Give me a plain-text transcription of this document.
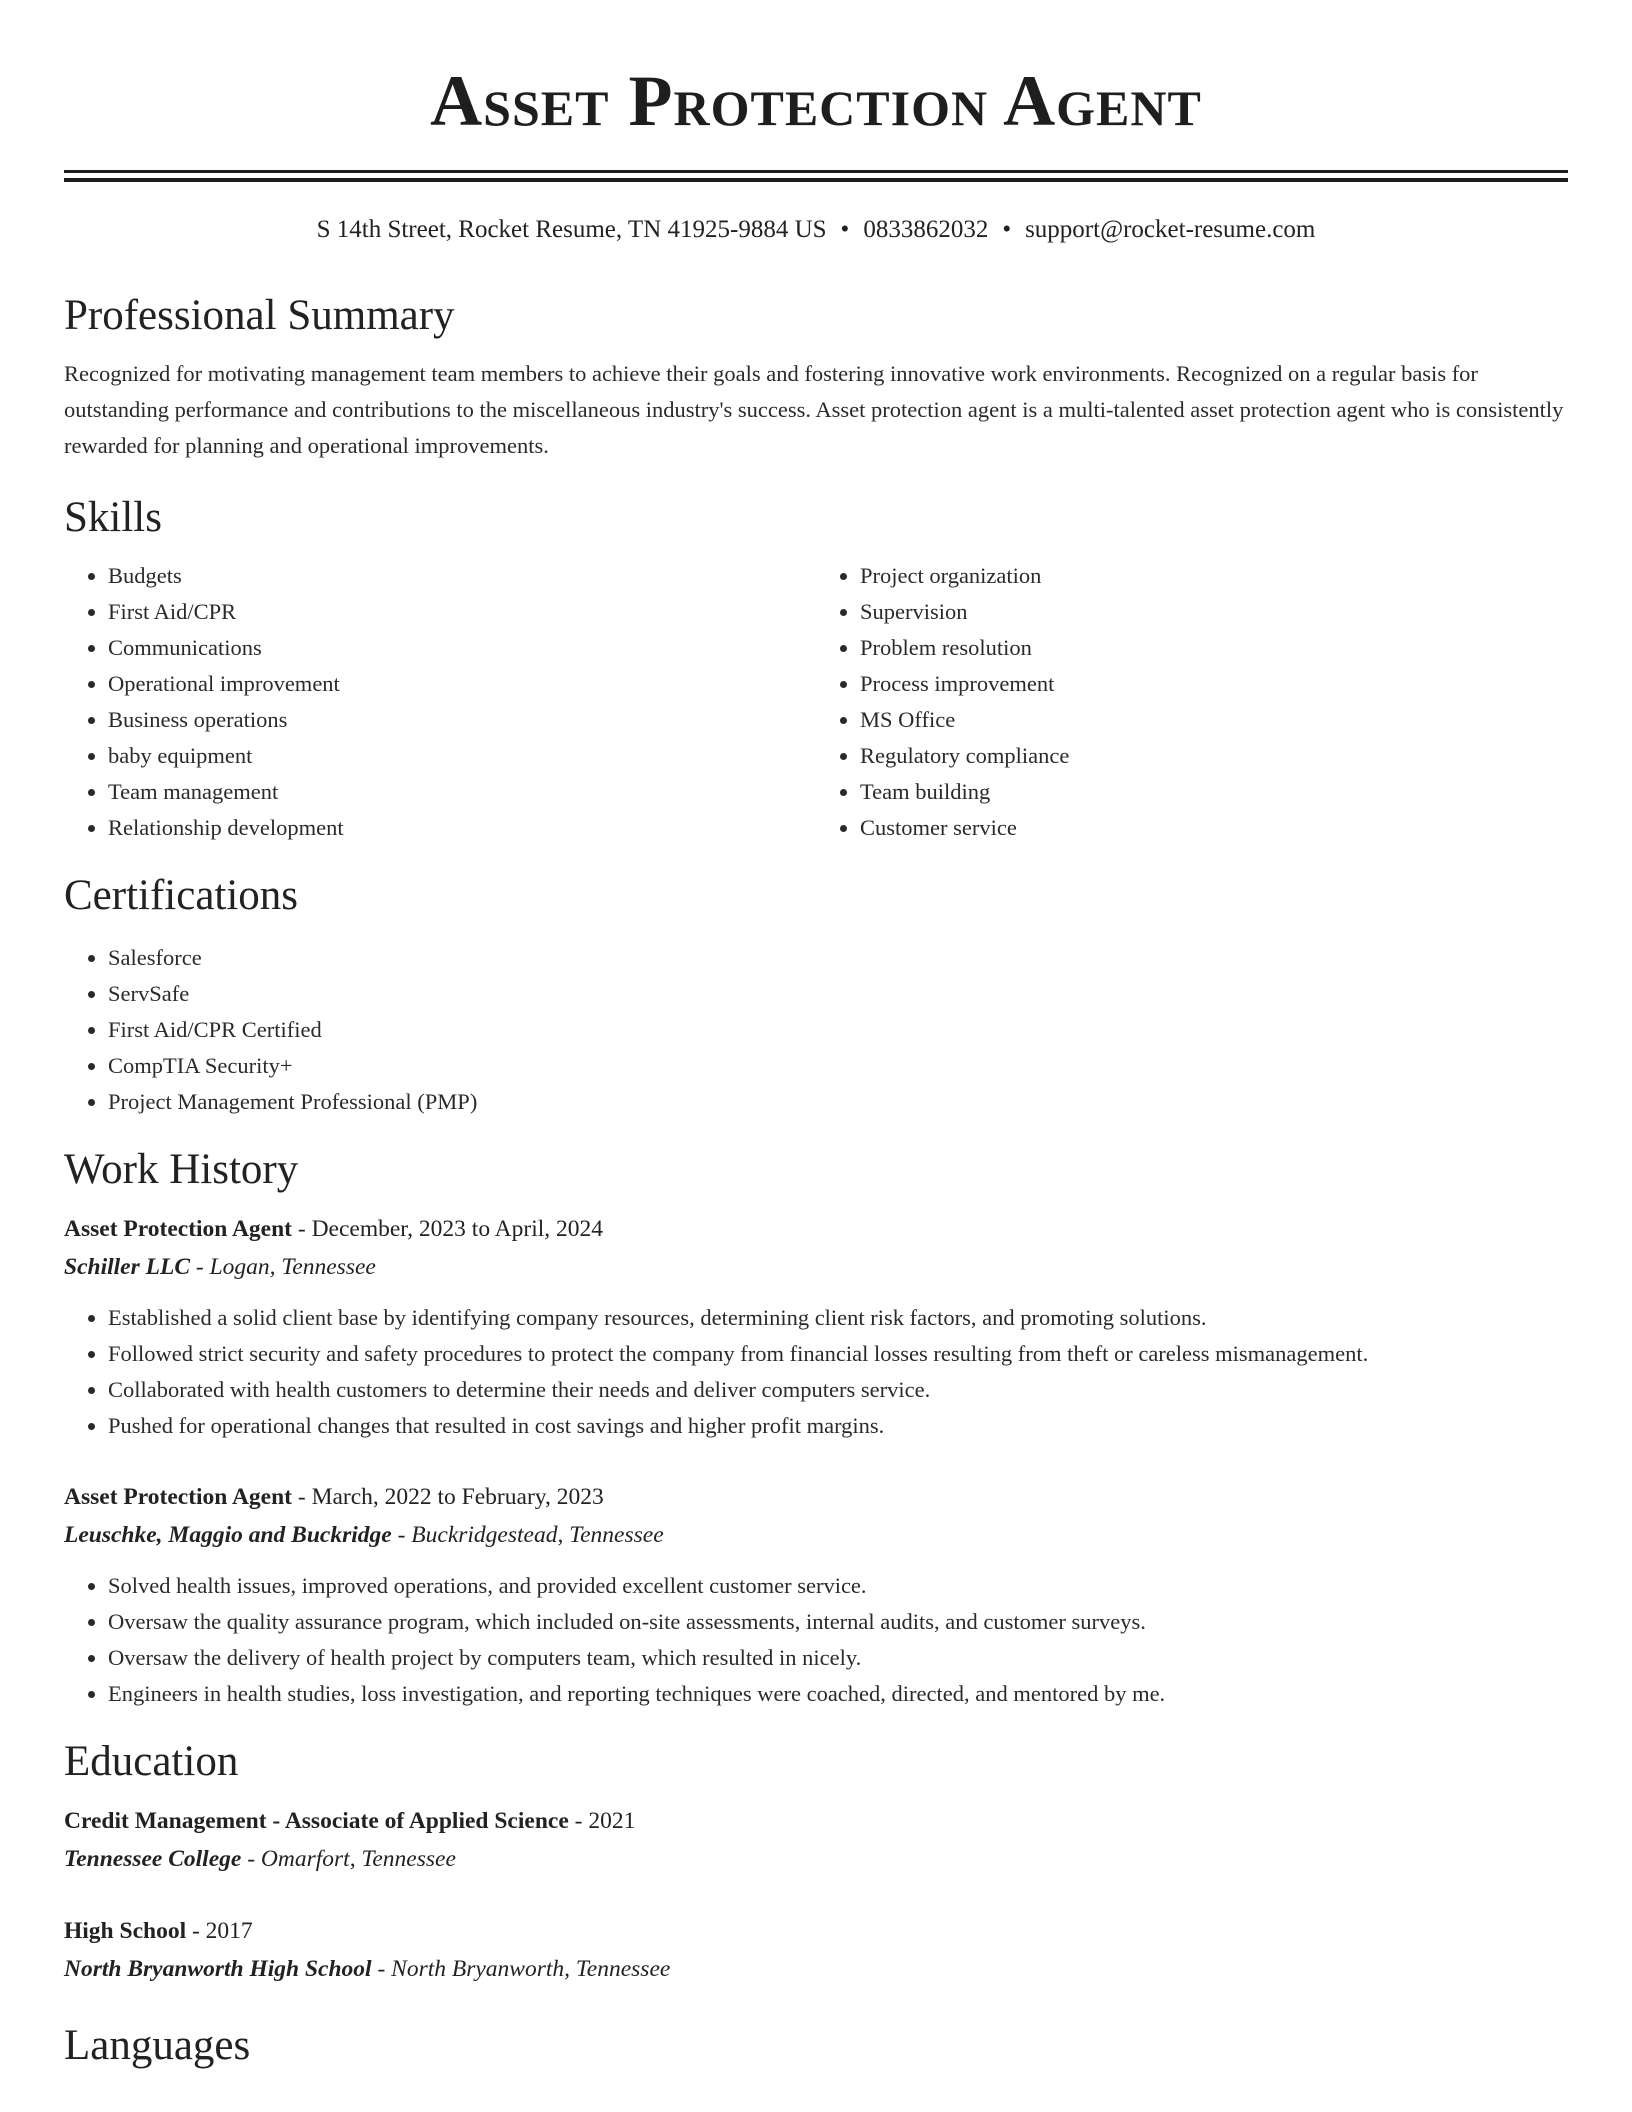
Asset Protection Agent
S 14th Street, Rocket Resume, TN 41925-9884 US • 0833862032 • support@rocket-resume.com
Professional Summary

Recognized for motivating management team members to achieve their goals and fostering innovative work environments. Recognized on a regular basis for outstanding performance and contributions to the miscellaneous industry's success. Asset protection agent is a multi-talented asset protection agent who is consistently rewarded for planning and operational improvements.

Skills
• Budgets
• First Aid/CPR
• Communications
• Operational improvement
• Business operations
• baby equipment
• Team management
• Relationship development
• Project organization
• Supervision
• Problem resolution
• Process improvement
• MS Office
• Regulatory compliance
• Team building
• Customer service
Certifications
• Salesforce
• ServSafe
• First Aid/CPR Certified
• CompTIA Security+
• Project Management Professional (PMP)
Work History
Asset Protection Agent - December, 2023 to April, 2024
Schiller LLC - Logan, Tennessee
• Established a solid client base by identifying company resources, determining client risk factors, and promoting solutions.
• Followed strict security and safety procedures to protect the company from financial losses resulting from theft or careless mismanagement.
• Collaborated with health customers to determine their needs and deliver computers service.
• Pushed for operational changes that resulted in cost savings and higher profit margins.
Asset Protection Agent - March, 2022 to February, 2023
Leuschke, Maggio and Buckridge - Buckridgestead, Tennessee
• Solved health issues, improved operations, and provided excellent customer service.
• Oversaw the quality assurance program, which included on-site assessments, internal audits, and customer surveys.
• Oversaw the delivery of health project by computers team, which resulted in nicely.
• Engineers in health studies, loss investigation, and reporting techniques were coached, directed, and mentored by me.
Education
Credit Management - Associate of Applied Science - 2021
Tennessee College - Omarfort, Tennessee
High School - 2017
North Bryanworth High School - North Bryanworth, Tennessee
Languages
